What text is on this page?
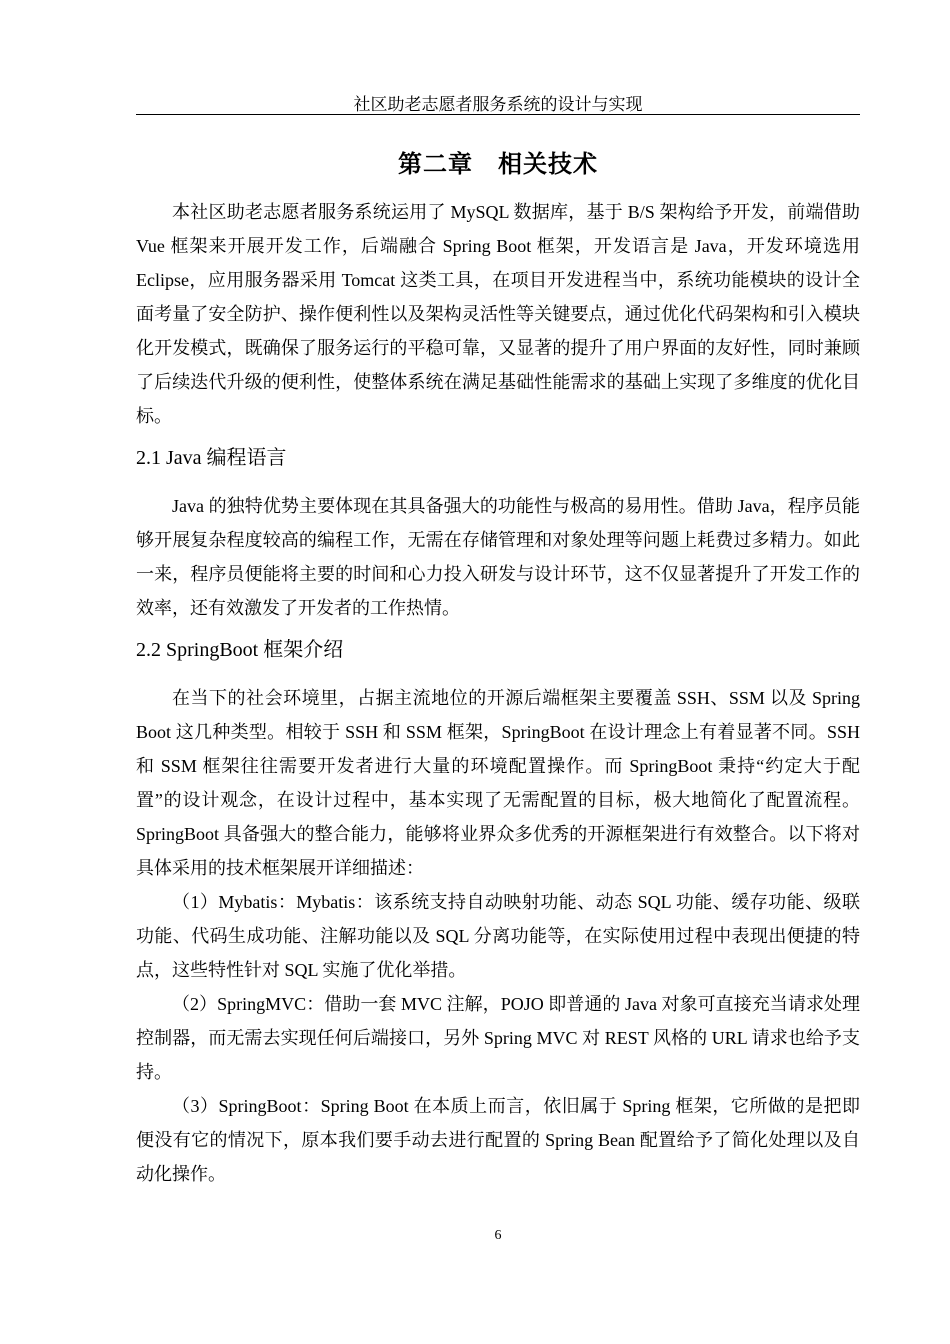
社区助老志愿者服务系统的设计与实现
第二章　相关技术

本社区助老志愿者服务系统运用了 MySQL 数据库，基于 B/S 架构给予开发，前端借助 Vue 框架来开展开发工作，后端融合 Spring Boot 框架，开发语言是 Java，开发环境选用 Eclipse，应用服务器采用 Tomcat 这类工具，在项目开发进程当中，系统功能模块的设计全面考量了安全防护、操作便利性以及架构灵活性等关键要点，通过优化代码架构和引入模块化开发模式，既确保了服务运行的平稳可靠，又显著的提升了用户界面的友好性，同时兼顾了后续迭代升级的便利性，使整体系统在满足基础性能需求的基础上实现了多维度的优化目标。

2.1 Java 编程语言

Java 的独特优势主要体现在其具备强大的功能性与极高的易用性。借助 Java，程序员能够开展复杂程度较高的编程工作，无需在存储管理和对象处理等问题上耗费过多精力。如此一来，程序员便能将主要的时间和心力投入研发与设计环节，这不仅显著提升了开发工作的效率，还有效激发了开发者的工作热情。

2.2 SpringBoot 框架介绍

在当下的社会环境里，占据主流地位的开源后端框架主要覆盖 SSH、SSM 以及 Spring Boot 这几种类型。相较于 SSH 和 SSM 框架，SpringBoot 在设计理念上有着显著不同。SSH 和 SSM 框架往往需要开发者进行大量的环境配置操作。而 SpringBoot 秉持“约定大于配置”的设计观念，在设计过程中，基本实现了无需配置的目标，极大地简化了配置流程。SpringBoot 具备强大的整合能力，能够将业界众多优秀的开源框架进行有效整合。以下将对具体采用的技术框架展开详细描述：

（1）Mybatis：Mybatis：该系统支持自动映射功能、动态 SQL 功能、缓存功能、级联功能、代码生成功能、注解功能以及 SQL 分离功能等，在实际使用过程中表现出便捷的特点，这些特性针对 SQL 实施了优化举措。

（2）SpringMVC：借助一套 MVC 注解，POJO 即普通的 Java 对象可直接充当请求处理控制器，而无需去实现任何后端接口，另外 Spring MVC 对 REST 风格的 URL 请求也给予支持。

（3）SpringBoot：Spring Boot 在本质上而言，依旧属于 Spring 框架，它所做的是把即便没有它的情况下，原本我们要手动去进行配置的 Spring Bean 配置给予了简化处理以及自动化操作。

6
